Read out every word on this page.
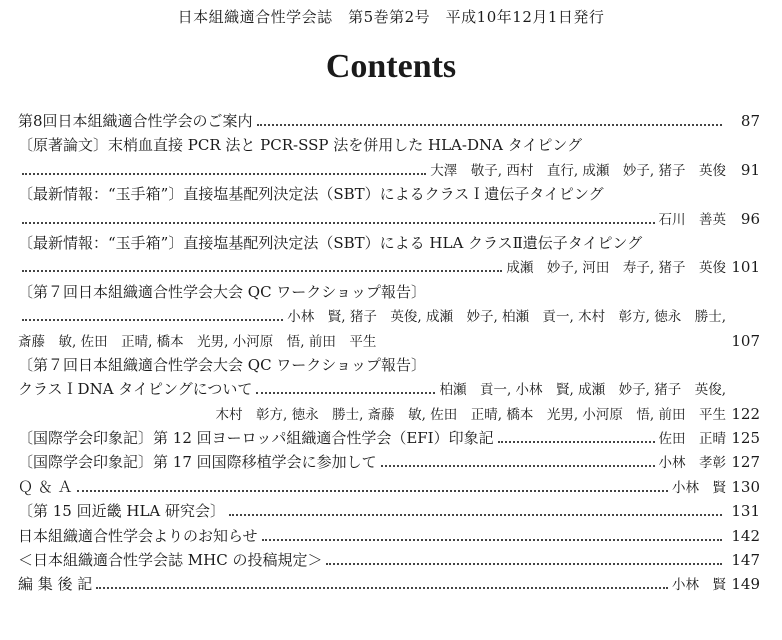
日本組織適合性学会誌　第5巻第2号　平成10年12月1日発行
Contents
第8回日本組織適合性学会のご案内	87
〔原著論文〕末梢血直接 PCR 法と PCR-SSP 法を併用した HLA-DNA タイピング
大澤　敬子, 西村　直行, 成瀬　妙子, 猪子　英俊 91
〔最新情報：“玉手箱”〕直接塩基配列決定法（SBT）によるクラスＩ遺伝子タイピング
石川　善英 96
〔最新情報：“玉手箱”〕直接塩基配列決定法（SBT）による HLA クラスⅡ遺伝子タイピング
成瀬　妙子, 河田　寿子, 猪子　英俊 101
〔第７回日本組織適合性学会大会 QC ワークショップ報告〕
小林　賢, 猪子　英俊, 成瀬　妙子, 柏瀬　貢一, 木村　彰方, 徳永　勝士,
斎藤　敏, 佐田　正晴, 橋本　光男, 小河原　悟, 前田　平生	107
〔第７回日本組織適合性学会大会 QC ワークショップ報告〕
クラスＩDNA タイピングについて	柏瀬　貢一, 小林　賢, 成瀬　妙子, 猪子　英俊,
木村　彰方, 徳永　勝士, 斎藤　敏, 佐田　正晴, 橋本　光男, 小河原　悟, 前田　平生 122
〔国際学会印象記〕第 12 回ヨーロッパ組織適合性学会（EFI）印象記	佐田　正晴 125
〔国際学会印象記〕第 17 回国際移植学会に参加して	小林　孝彰 127
Ｑ ＆ Ａ	小林　賢 130
〔第 15 回近畿 HLA 研究会〕	131
日本組織適合性学会よりのお知らせ	142
＜日本組織適合性学会誌 MHC の投稿規定＞	147
編 集 後 記	小林　賢 149
